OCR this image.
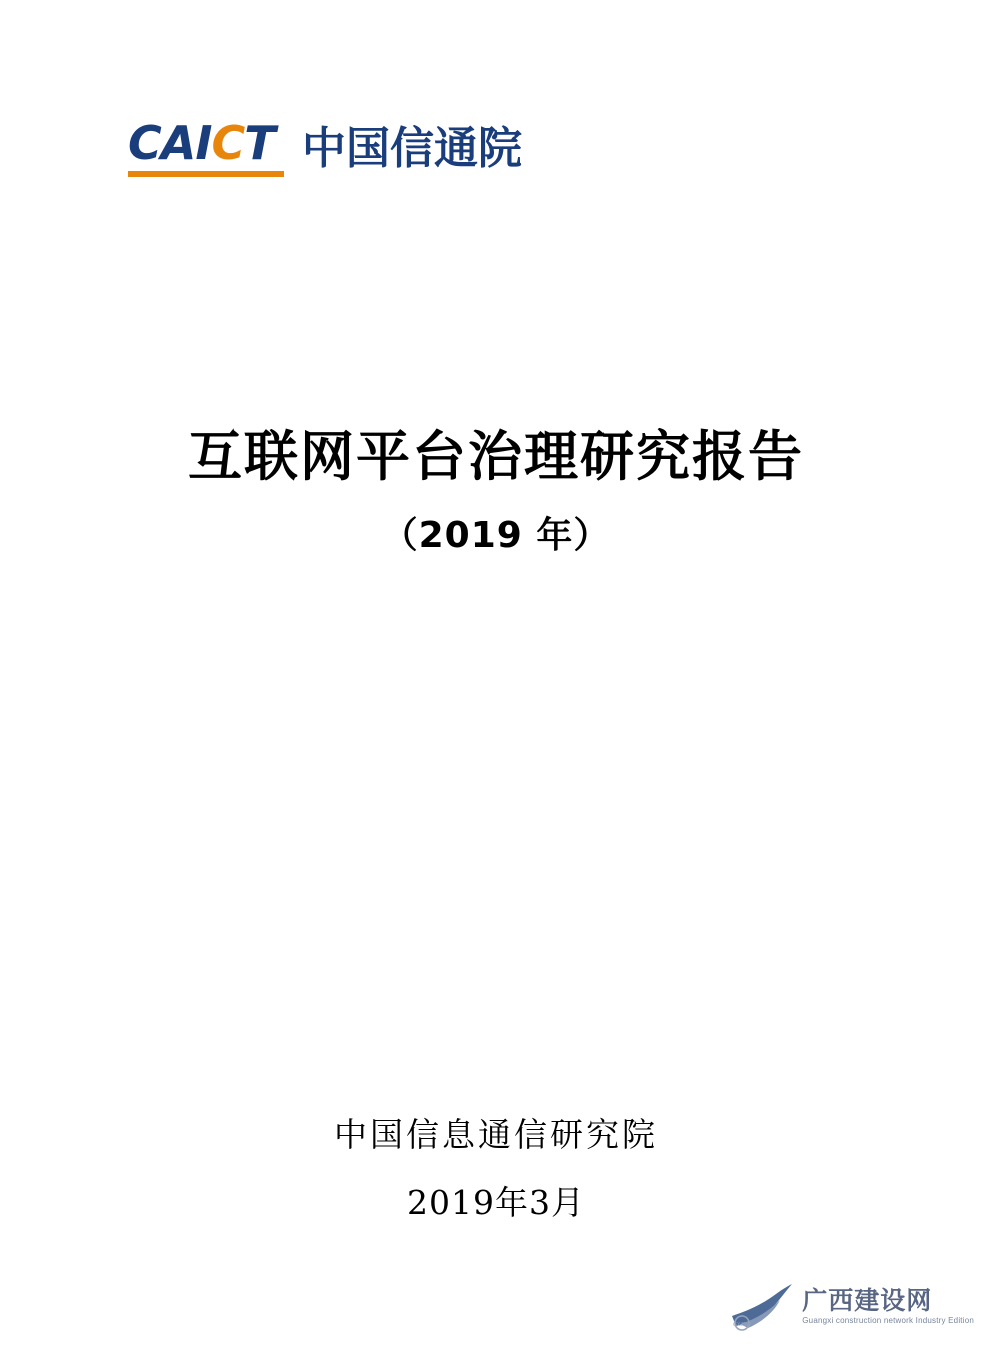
CAICT 中国信通院
互联网平台治理研究报告
（2019 年）

中国信息通信研究院

2019年3月

GXJSW
广西建设网
Guangxi construction network Industry Edition
